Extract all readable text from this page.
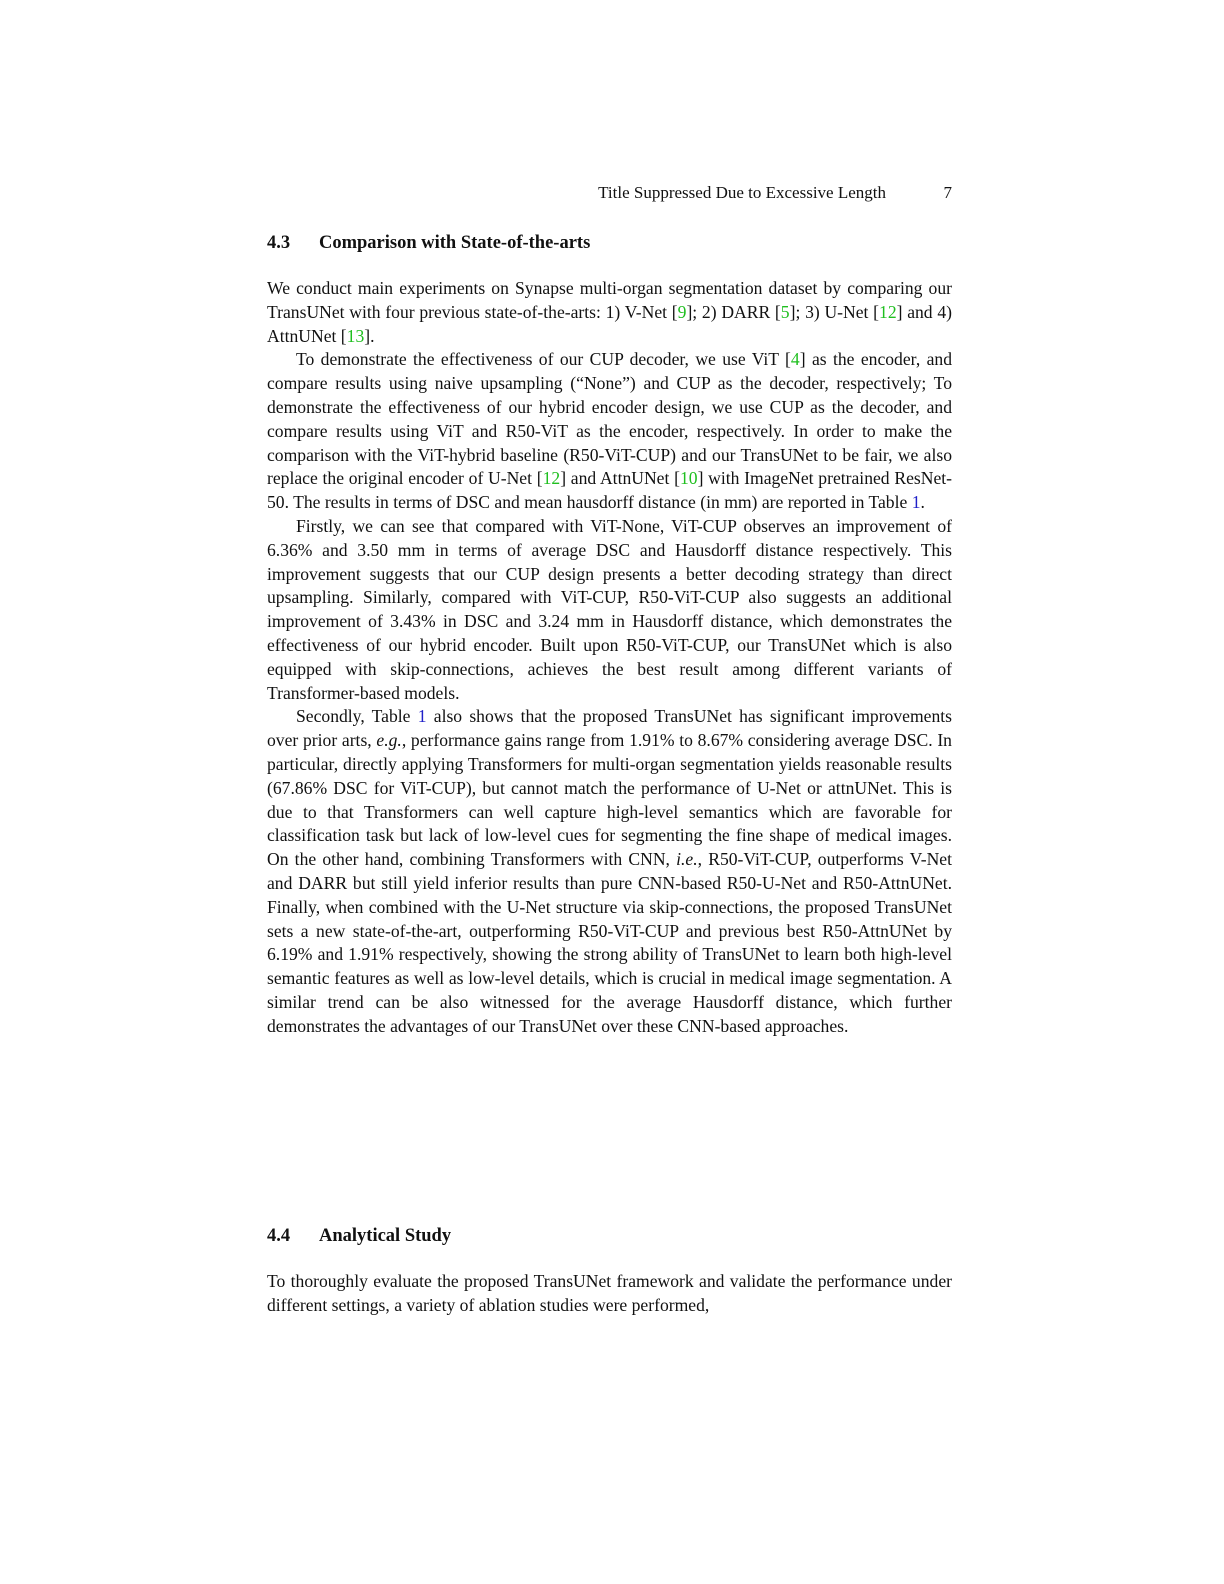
Title Suppressed Due to Excessive Length	7
4.3 Comparison with State-of-the-arts

We conduct main experiments on Synapse multi-organ segmentation dataset by comparing our TransUNet with four previous state-of-the-arts: 1) V-Net [9]; 2) DARR [5]; 3) U-Net [12] and 4) AttnUNet [13].

To demonstrate the effectiveness of our CUP decoder, we use ViT [4] as the encoder, and compare results using naive upsampling (“None”) and CUP as the decoder, respectively; To demonstrate the effectiveness of our hybrid encoder design, we use CUP as the decoder, and compare results using ViT and R50-ViT as the encoder, respectively. In order to make the comparison with the ViT-hybrid baseline (R50-ViT-CUP) and our TransUNet to be fair, we also replace the original encoder of U-Net [12] and AttnUNet [10] with ImageNet pretrained ResNet-50. The results in terms of DSC and mean hausdorff distance (in mm) are reported in Table 1.

Firstly, we can see that compared with ViT-None, ViT-CUP observes an improvement of 6.36% and 3.50 mm in terms of average DSC and Hausdorff distance respectively. This improvement suggests that our CUP design presents a better decoding strategy than direct upsampling. Similarly, compared with ViT-CUP, R50-ViT-CUP also suggests an additional improvement of 3.43% in DSC and 3.24 mm in Hausdorff distance, which demonstrates the effectiveness of our hybrid encoder. Built upon R50-ViT-CUP, our TransUNet which is also equipped with skip-connections, achieves the best result among different variants of Transformer-based models.

Secondly, Table 1 also shows that the proposed TransUNet has significant improvements over prior arts, e.g., performance gains range from 1.91% to 8.67% considering average DSC. In particular, directly applying Transformers for multi-organ segmentation yields reasonable results (67.86% DSC for ViT-CUP), but cannot match the performance of U-Net or attnUNet. This is due to that Transformers can well capture high-level semantics which are favorable for classification task but lack of low-level cues for segmenting the fine shape of medical images. On the other hand, combining Transformers with CNN, i.e., R50-ViT-CUP, outperforms V-Net and DARR but still yield inferior results than pure CNN-based R50-U-Net and R50-AttnUNet. Finally, when combined with the U-Net structure via skip-connections, the proposed TransUNet sets a new state-of-the-art, outperforming R50-ViT-CUP and previous best R50-AttnUNet by 6.19% and 1.91% respectively, showing the strong ability of TransUNet to learn both high-level semantic features as well as low-level details, which is crucial in medical image segmentation. A similar trend can be also witnessed for the average Hausdorff distance, which further demonstrates the advantages of our TransUNet over these CNN-based approaches.

4.4 Analytical Study

To thoroughly evaluate the proposed TransUNet framework and validate the performance under different settings, a variety of ablation studies were performed,
